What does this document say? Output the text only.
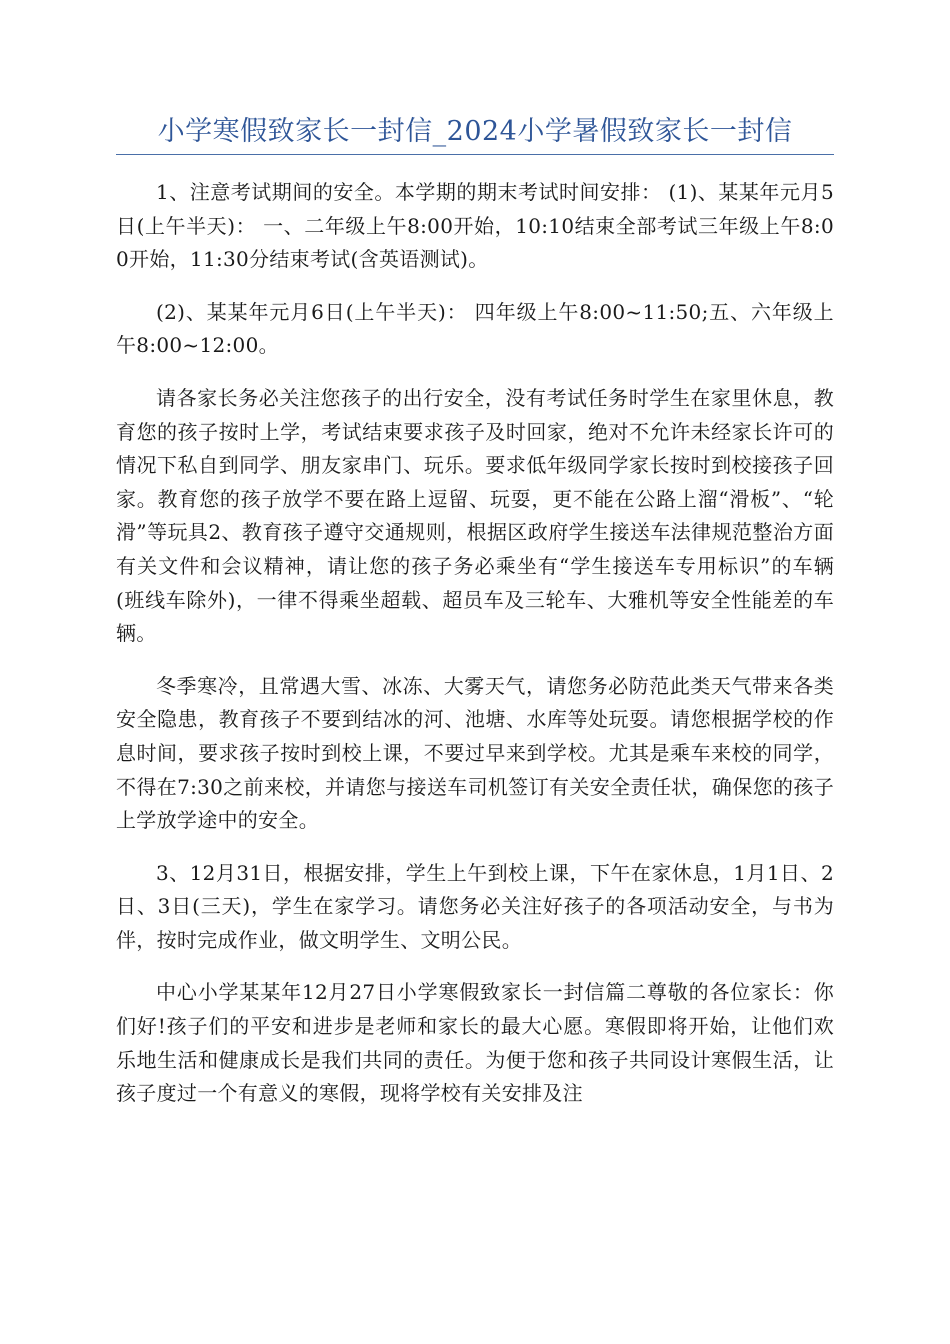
小学寒假致家长一封信_2024小学暑假致家长一封信

1、注意考试期间的安全。本学期的期末考试时间安排： (1)、某某年元月5日(上午半天)： 一、二年级上午8:00开始，10:10结束全部考试三年级上午8:00开始，11:30分结束考试(含英语测试)。

(2)、某某年元月6日(上午半天)： 四年级上午8:00~11:50;五、六年级上午8:00~12:00。

请各家长务必关注您孩子的出行安全，没有考试任务时学生在家里休息，教育您的孩子按时上学，考试结束要求孩子及时回家，绝对不允许未经家长许可的情况下私自到同学、朋友家串门、玩乐。要求低年级同学家长按时到校接孩子回家。教育您的孩子放学不要在路上逗留、玩耍，更不能在公路上溜“滑板”、“轮滑”等玩具2、教育孩子遵守交通规则，根据区政府学生接送车法律规范整治方面有关文件和会议精神，请让您的孩子务必乘坐有“学生接送车专用标识”的车辆(班线车除外)，一律不得乘坐超载、超员车及三轮车、大雅机等安全性能差的车辆。

冬季寒冷，且常遇大雪、冰冻、大雾天气，请您务必防范此类天气带来各类安全隐患，教育孩子不要到结冰的河、池塘、水库等处玩耍。请您根据学校的作息时间，要求孩子按时到校上课，不要过早来到学校。尤其是乘车来校的同学，不得在7:30之前来校，并请您与接送车司机签订有关安全责任状，确保您的孩子上学放学途中的安全。

3、12月31日，根据安排，学生上午到校上课，下午在家休息，1月1日、2日、3日(三天)，学生在家学习。请您务必关注好孩子的各项活动安全，与书为伴，按时完成作业，做文明学生、文明公民。

中心小学某某年12月27日小学寒假致家长一封信篇二尊敬的各位家长：你们好!孩子们的平安和进步是老师和家长的最大心愿。寒假即将开始，让他们欢乐地生活和健康成长是我们共同的责任。为便于您和孩子共同设计寒假生活，让孩子度过一个有意义的寒假，现将学校有关安排及注
